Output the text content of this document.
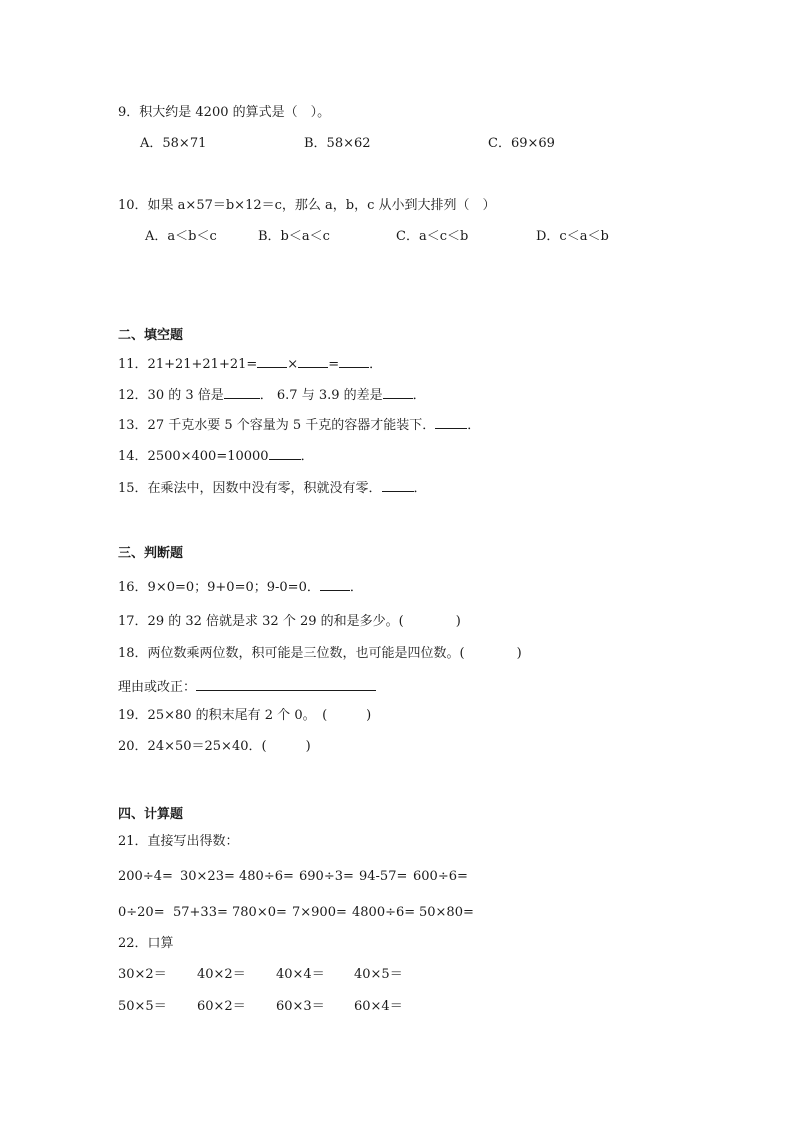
9．积大约是 4200 的算式是（　）。
A．58×71	B．58×62	C．69×69
10．如果 a×57＝b×12＝c，那么 a，b，c 从小到大排列（　）
A．a＜b＜c	B．b＜a＜c	C．a＜c＜b	D．c＜a＜b
二、填空题
11．21+21+21+21= × = ．
12．30 的 3 倍是	． 6.7 与 3.9 的差是 ．
13．27 千克水要 5 个容量为 5 千克的容器才能装下． ．
14．2500×400=10000 ．
15．在乘法中，因数中没有零，积就没有零． ．
三、判断题
16．9×0=0；9+0=0；9-0=0． ．
17．29 的 32 倍就是求 32 个 29 的和是多少。(　　　　)
18．两位数乘两位数，积可能是三位数，也可能是四位数。(　　　　)
理由或改正：
19．25×80 的积末尾有 2 个 0。　(　　　)
20．24×50＝25×40．(　　　)
四、计算题
21．直接写出得数：
200÷4= 30×23= 480÷6= 690÷3= 94-57= 600÷6=
0÷20= 57+33= 780×0= 7×900= 4800÷6= 50×80=
22．口算
30×2＝ 40×2＝ 40×4＝ 40×5＝
50×5＝ 60×2＝ 60×3＝ 60×4＝
